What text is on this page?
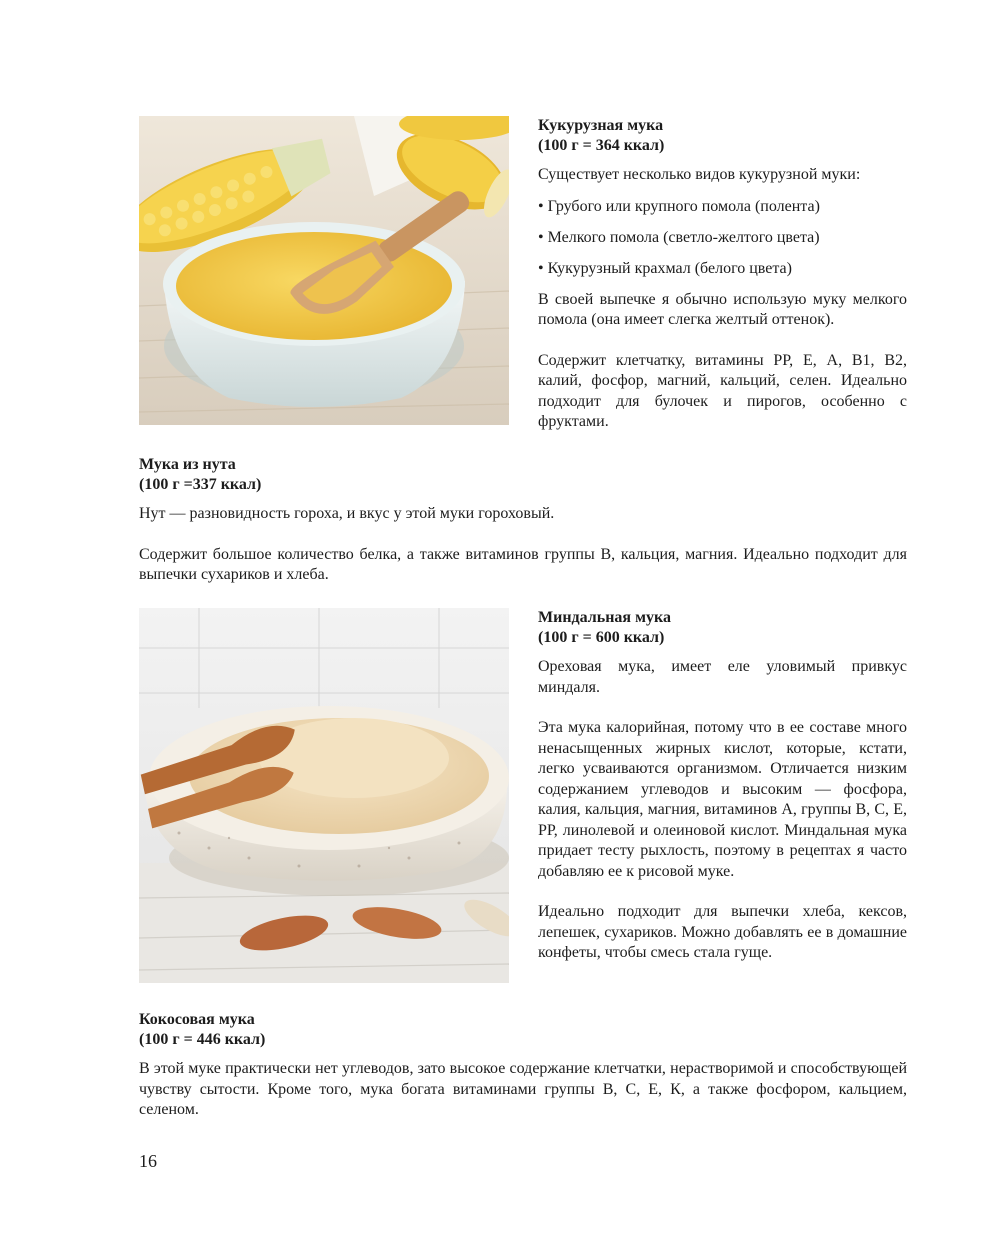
Кукурузная мука
(100 г = 364 ккал)

Существует несколько видов кукурузной муки:

• Грубого или крупного помола (полента)
• Мелкого помола (светло-желтого цвета)
• Кукурузный крахмал (белого цвета)

В своей выпечке я обычно использую муку мелкого помола (она имеет слегка желтый оттенок).

Содержит клетчатку, витамины РР, Е, А, В1, В2, калий, фосфор, магний, кальций, селен. Идеально подходит для булочек и пирогов, особенно с фруктами.

Мука из нута
(100 г =337 ккал)

Нут — разновидность гороха, и вкус у этой муки гороховый.

Содержит большое количество белка, а также витаминов группы В, кальция, магния. Идеально подходит для выпечки сухариков и хлеба.

Миндальная мука
(100 г = 600 ккал)

Ореховая мука, имеет еле уловимый привкус миндаля.

Эта мука калорийная, потому что в ее составе много ненасыщенных жирных кислот, которые, кстати, легко усваиваются организмом. Отличается низким содержанием углеводов и высоким — фосфора, калия, кальция, магния, витаминов А, группы В, С, Е, РР, линолевой и олеиновой кислот. Миндальная мука придает тесту рыхлость, поэтому в рецептах я часто добавляю ее к рисовой муке.

Идеально подходит для выпечки хлеба, кексов, лепешек, сухариков. Можно добавлять ее в домашние конфеты, чтобы смесь стала гуще.

Кокосовая мука
(100 г = 446 ккал)

В этой муке практически нет углеводов, зато высокое содержание клетчатки, нерастворимой и способствующей чувству сытости. Кроме того, мука богата витаминами группы В, С, Е, К, а также фосфором, кальцием, селеном.

16
